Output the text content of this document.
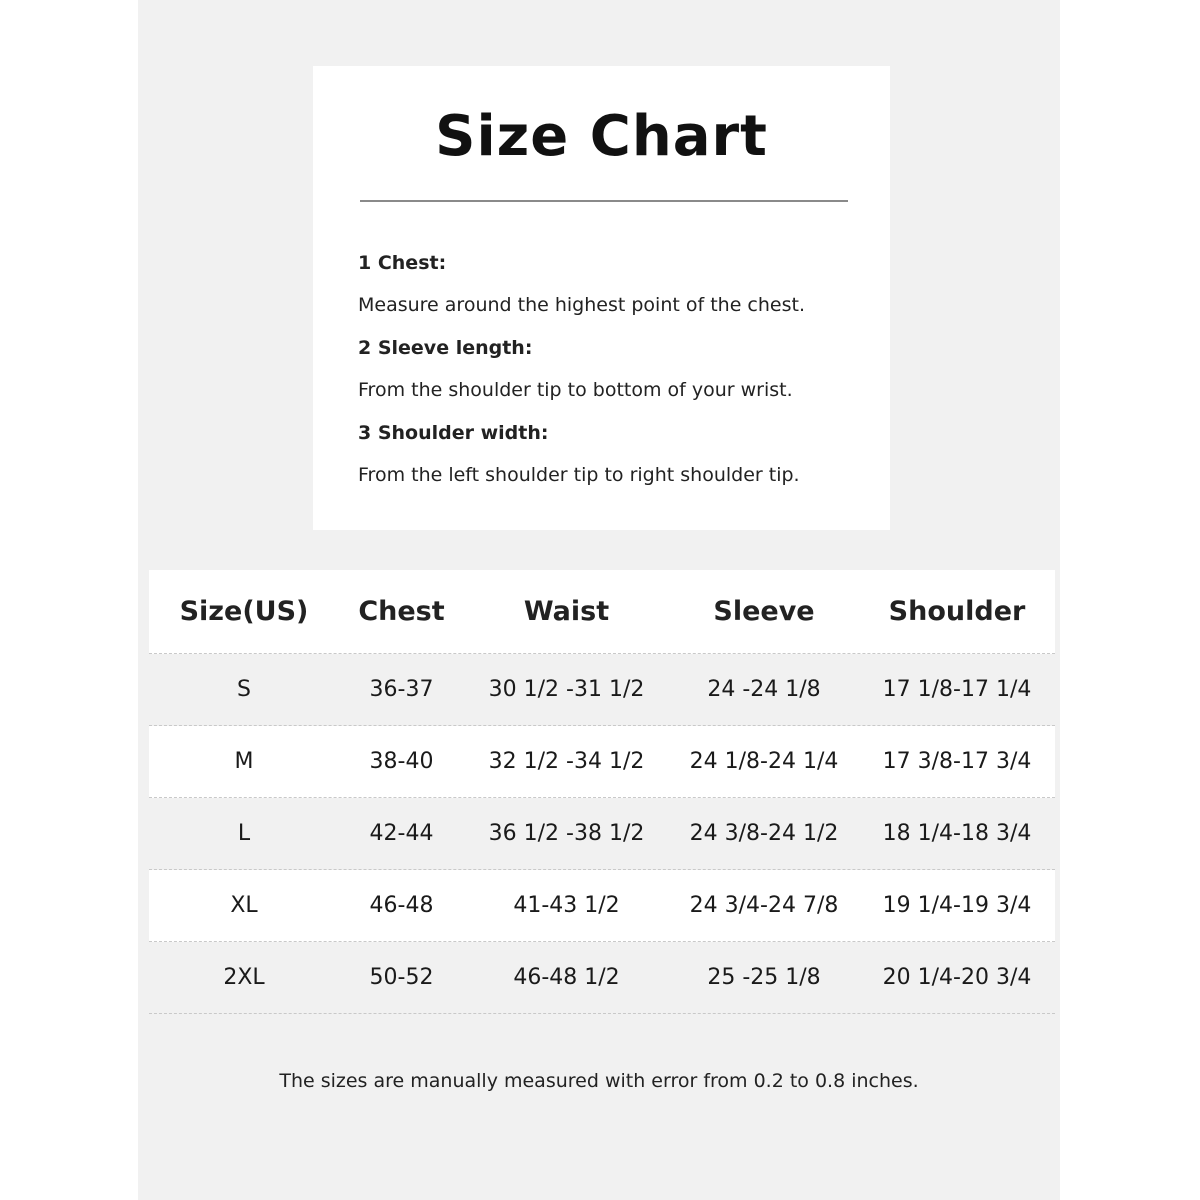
Size Chart
1 Chest:
Measure around the highest point of the chest.
2 Sleeve length:
From the shoulder tip to bottom of your wrist.
3 Shoulder width:
From the left shoulder tip to right shoulder tip.
Size(US)	Chest	Waist	Sleeve	Shoulder
S	36-37	30 1/2 -31 1/2	24 -24 1/8	17 1/8-17 1/4
M	38-40	32 1/2 -34 1/2	24 1/8-24 1/4	17 3/8-17 3/4
L	42-44	36 1/2 -38 1/2	24 3/8-24 1/2	18 1/4-18 3/4
XL	46-48	41-43 1/2	24 3/4-24 7/8	19 1/4-19 3/4
2XL	50-52	46-48 1/2	25 -25 1/8	20 1/4-20 3/4
The sizes are manually measured with error from 0.2 to 0.8 inches.
